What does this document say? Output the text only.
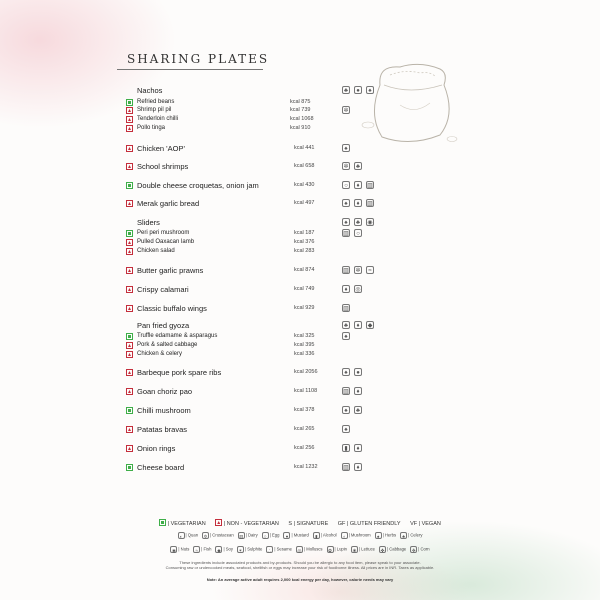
SHARING PLATES
Nachos	♣	●	♠
Refried beans	kcal 875
Shrimp pil pil	kcal 739	✲
Tenderloin chilli	kcal 1068
Pollo tinga	kcal 910
Chicken 'AOP'	kcal 441	♠
School shrimps	kcal 658	✲	♣
Double cheese croquetas, onion jam	kcal 430	○	♦	▥
Merak garlic bread	kcal 497	♠	♦	▥
Sliders	♠	♣	◉
Peri peri mushroom	kcal 187	▥	○
Pulled Oaxacan lamb	kcal 376
Chicken salad	kcal 283
Butter garlic prawns	kcal 874	▥ ✲	≈
Crispy calamari	kcal 749	♦	◎
Classic buffalo wings	kcal 929	▥
Pan fried gyoza	♣	♦	◆
Truffle edamame & asparagus	kcal 325	♠
Pork & salted cabbage	kcal 395
Chicken & celery	kcal 336
Barbeque pork spare ribs	kcal 2056	♠	●
Goan choriz pao	kcal 1108	▥	♦
Chilli mushroom	kcal 378	♠	♣
Patatas bravas	kcal 265	♠
Onion rings	kcal 256	▮	♦
Cheese board	kcal 1232	▥	♦
| VEGETARIAN	| NON - VEGETARIAN S | SIGNATURE GF | GLUTEN FRIENDLY VF | VEGAN
◐ | Quan ✲ | Crustacean ▥ | Dairy ○ | Egg ● | Mustard ▮ | Alcohol ♁ | Mushroom ♠ | Herbs ♣ | Celery
◉ | Nuts ≈ | Fish ◆ | Soy ✶ | Sulphite ∴ | Sesame ◎ | Molluscs ✿ | Lupin ❀ | Lettuce ✤ | Cabbage ❖ | Corn
These ingredients include associated products and by-products. Should you be allergic to any food item, please speak to your associate.
Consuming raw or undercooked meats, seafood, shellfish or eggs may increase your risk of foodborne illness. All prices are in INR. Taxes as applicable.
Note: An average active adult requires 2,000 kcal energy per day, however, calorie needs may vary
